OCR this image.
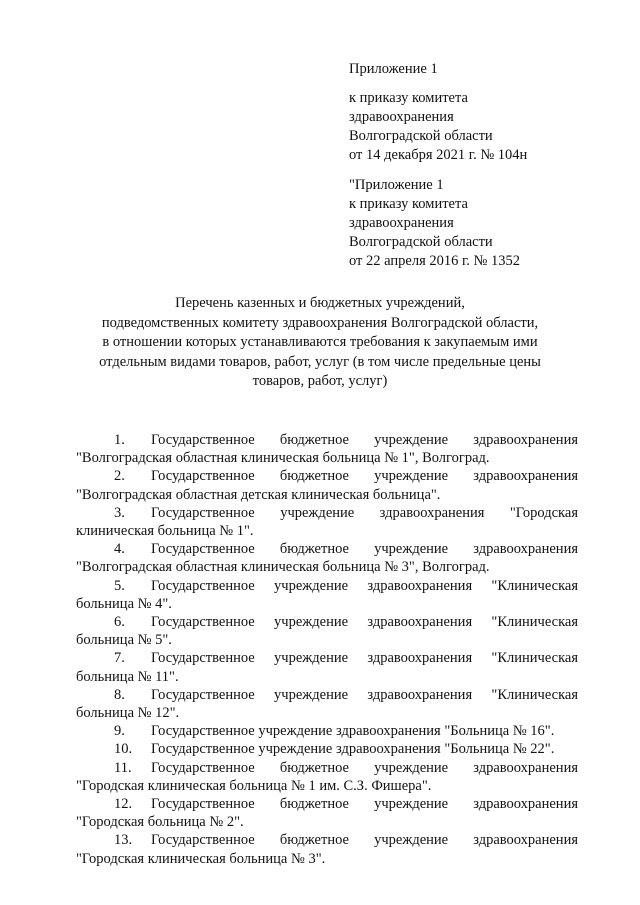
Приложение 1

к приказу комитета

здравоохранения

Волгоградской области

от 14 декабря 2021 г. № 104н

"Приложение 1

к приказу комитета

здравоохранения

Волгоградской области

от 22 апреля 2016 г. № 1352

Перечень казенных и бюджетных учреждений,
подведомственных комитету здравоохранения Волгоградской области,
в отношении которых устанавливаются требования к закупаемым ими
отдельным видами товаров, работ, услуг (в том числе предельные цены
товаров, работ, услуг)

1. Государственное бюджетное учреждение здравоохранения "Волгоградская областная клиническая больница № 1", Волгоград.

2. Государственное бюджетное учреждение здравоохранения "Волгоградская областная детская клиническая больница".

3. Государственное учреждение здравоохранения "Городская клиническая больница № 1".

4. Государственное бюджетное учреждение здравоохранения "Волгоградская областная клиническая больница № 3", Волгоград.

5. Государственное учреждение здравоохранения "Клиническая больница № 4".

6. Государственное учреждение здравоохранения "Клиническая больница № 5".

7. Государственное учреждение здравоохранения "Клиническая больница № 11".

8. Государственное учреждение здравоохранения "Клиническая больница № 12".

9. Государственное учреждение здравоохранения "Больница № 16".

10. Государственное учреждение здравоохранения "Больница № 22".

11. Государственное бюджетное учреждение здравоохранения "Городская клиническая больница № 1 им. С.З. Фишера".

12. Государственное бюджетное учреждение здравоохранения "Городская больница № 2".

13. Государственное бюджетное учреждение здравоохранения "Городская клиническая больница № 3".
